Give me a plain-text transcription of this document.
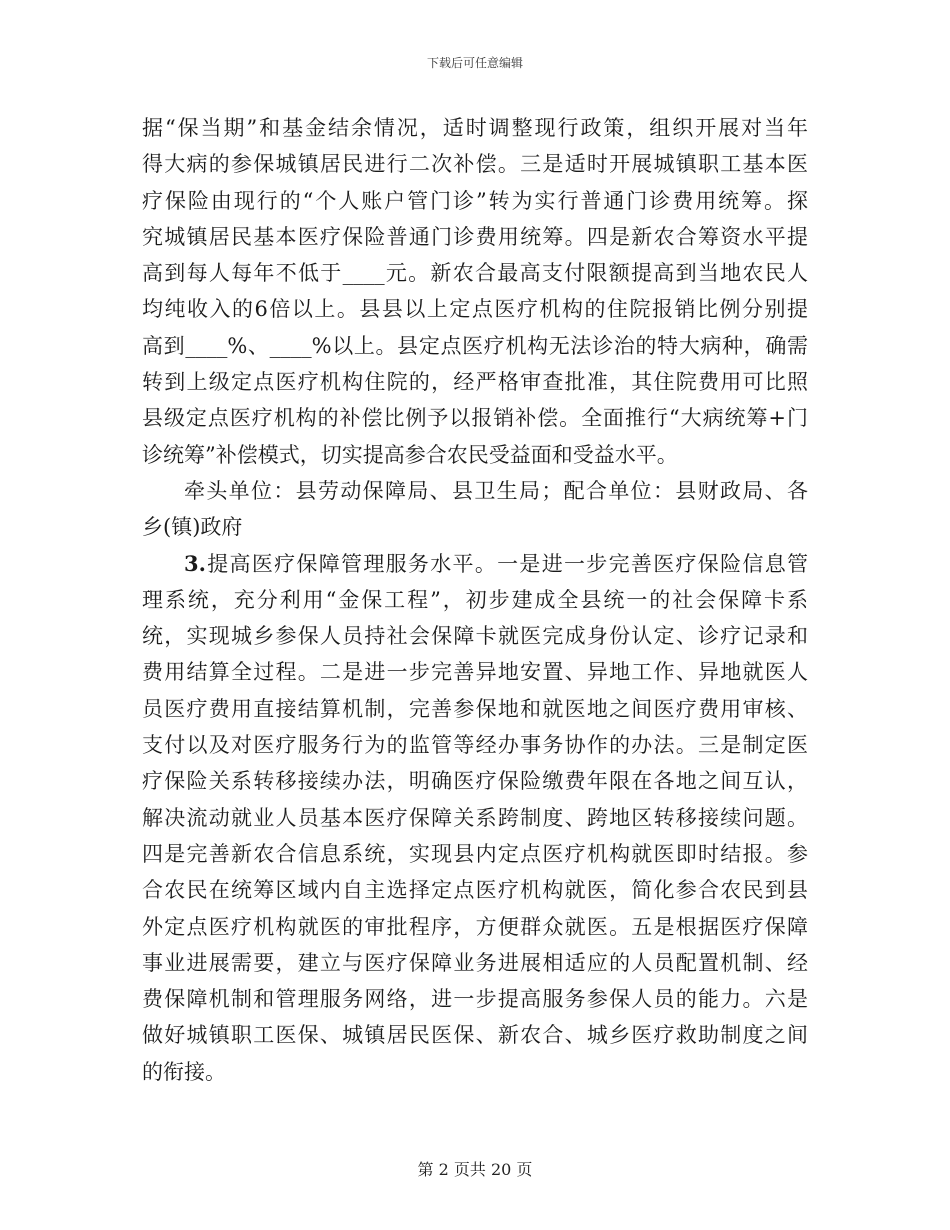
下载后可任意编辑
据“保当期”和基金结余情况，适时调整现行政策，组织开展对当年
得大病的参保城镇居民进行二次补偿。三是适时开展城镇职工基本医
疗保险由现行的“个人账户管门诊”转为实行普通门诊费用统筹。探
究城镇居民基本医疗保险普通门诊费用统筹。四是新农合筹资水平提
高到每人每年不低于____元。新农合最高支付限额提高到当地农民人
均纯收入的6倍以上。县县以上定点医疗机构的住院报销比例分别提
高到____%、____%以上。县定点医疗机构无法诊治的特大病种，确需
转到上级定点医疗机构住院的，经严格审查批准，其住院费用可比照
县级定点医疗机构的补偿比例予以报销补偿。全面推行“大病统筹+门
诊统筹”补偿模式，切实提高参合农民受益面和受益水平。
牵头单位：县劳动保障局、县卫生局；配合单位：县财政局、各
乡(镇)政府
3.提高医疗保障管理服务水平。一是进一步完善医疗保险信息管
理系统，充分利用“金保工程”，初步建成全县统一的社会保障卡系
统，实现城乡参保人员持社会保障卡就医完成身份认定、诊疗记录和
费用结算全过程。二是进一步完善异地安置、异地工作、异地就医人
员医疗费用直接结算机制，完善参保地和就医地之间医疗费用审核、
支付以及对医疗服务行为的监管等经办事务协作的办法。三是制定医
疗保险关系转移接续办法，明确医疗保险缴费年限在各地之间互认，
解决流动就业人员基本医疗保障关系跨制度、跨地区转移接续问题。
四是完善新农合信息系统，实现县内定点医疗机构就医即时结报。参
合农民在统筹区域内自主选择定点医疗机构就医，简化参合农民到县
外定点医疗机构就医的审批程序，方便群众就医。五是根据医疗保障
事业进展需要，建立与医疗保障业务进展相适应的人员配置机制、经
费保障机制和管理服务网络，进一步提高服务参保人员的能力。六是
做好城镇职工医保、城镇居民医保、新农合、城乡医疗救助制度之间
的衔接。
第 2 页共 20 页
